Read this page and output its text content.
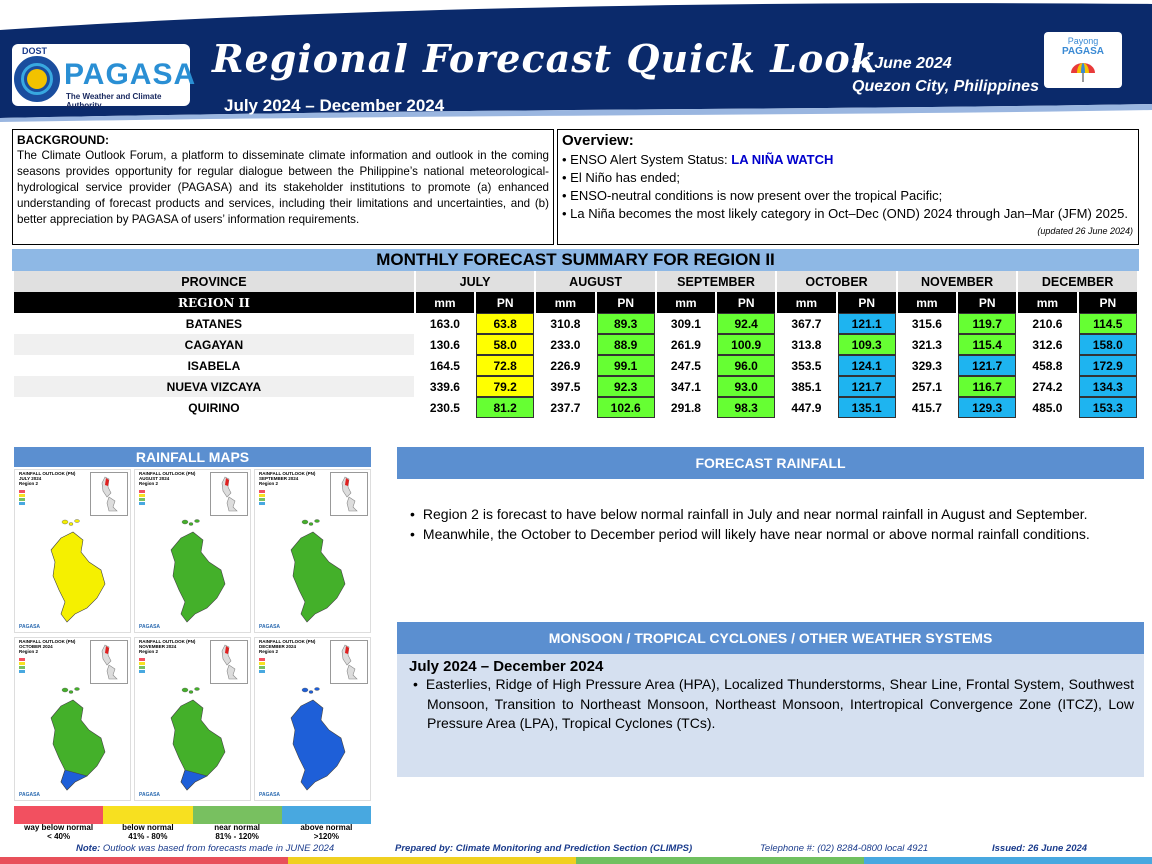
DOST
PAGASA
The Weather and Climate Authority
Regional Forecast Quick Look
July 2024 – December 2024
26 June 2024
Quezon City, Philippines
Payong
PAGASA
BACKGROUND:
The Climate Outlook Forum, a platform to disseminate climate information and outlook in the coming seasons provides opportunity for regular dialogue between the Philippine’s national meteorological-hydrological service provider (PAGASA) and its stakeholder institutions to promote (a) enhanced understanding of forecast products and services, including their limitations and uncertainties, and (b) better appreciation by PAGASA of users’ information requirements.
Overview:
• ENSO Alert System Status: LA NIÑA WATCH
• El Niño has ended;
• ENSO-neutral conditions is now present over the tropical Pacific;
• La Niña becomes the most likely category in Oct–Dec (OND) 2024 through Jan–Mar (JFM) 2025.
(updated 26 June 2024)
MONTHLY FORECAST SUMMARY FOR REGION II
PROVINCE	JULY		AUGUST		SEPTEMBER		OCTOBER		NOVEMBER		DECEMBER	
REGION II	mm	PN	mm	PN	mm	PN	mm	PN	mm	PN	mm	PN
BATANES	163.0	63.8	310.8	89.3	309.1	92.4	367.7	121.1	315.6	119.7	210.6	114.5
CAGAYAN	130.6	58.0	233.0	88.9	261.9	100.9	313.8	109.3	321.3	115.4	312.6	158.0
ISABELA	164.5	72.8	226.9	99.1	247.5	96.0	353.5	124.1	329.3	121.7	458.8	172.9
NUEVA VIZCAYA	339.6	79.2	397.5	92.3	347.1	93.0	385.1	121.7	257.1	116.7	274.2	134.3
QUIRINO	230.5	81.2	237.7	102.6	291.8	98.3	447.9	135.1	415.7	129.3	485.0	153.3
RAINFALL MAPS
RAINFALL OUTLOOK (PN)
JULY 2024
Region 2
PAGASA
RAINFALL OUTLOOK (PN)
AUGUST 2024
Region 2
PAGASA
RAINFALL OUTLOOK (PN)
SEPTEMBER 2024
Region 2
PAGASA
RAINFALL OUTLOOK (PN)
OCTOBER 2024
Region 2
PAGASA
RAINFALL OUTLOOK (PN)
NOVEMBER 2024
Region 2
PAGASA
RAINFALL OUTLOOK (PN)
DECEMBER 2024
Region 2
PAGASA
way below normal
< 40%
below normal
41% - 80%
near normal
81% - 120%
above normal
>120%
FORECAST RAINFALL
• Region 2 is forecast to have below normal rainfall in July and near normal rainfall in August and September.
• Meanwhile, the October to December period will likely have near normal or above normal rainfall conditions.
MONSOON / TROPICAL CYCLONES / OTHER WEATHER SYSTEMS
July 2024 – December 2024
• Easterlies, Ridge of High Pressure Area (HPA), Localized Thunderstorms, Shear Line, Frontal System, Southwest Monsoon, Transition to Northeast Monsoon, Northeast Monsoon, Intertropical Convergence Zone (ITCZ), Low Pressure Area (LPA), Tropical Cyclones (TCs).
Note: Outlook was based from forecasts made in JUNE 2024	Prepared by: Climate Monitoring and Prediction Section (CLIMPS)	Telephone #: (02) 8284-0800 local 4921	Issued: 26 June 2024
